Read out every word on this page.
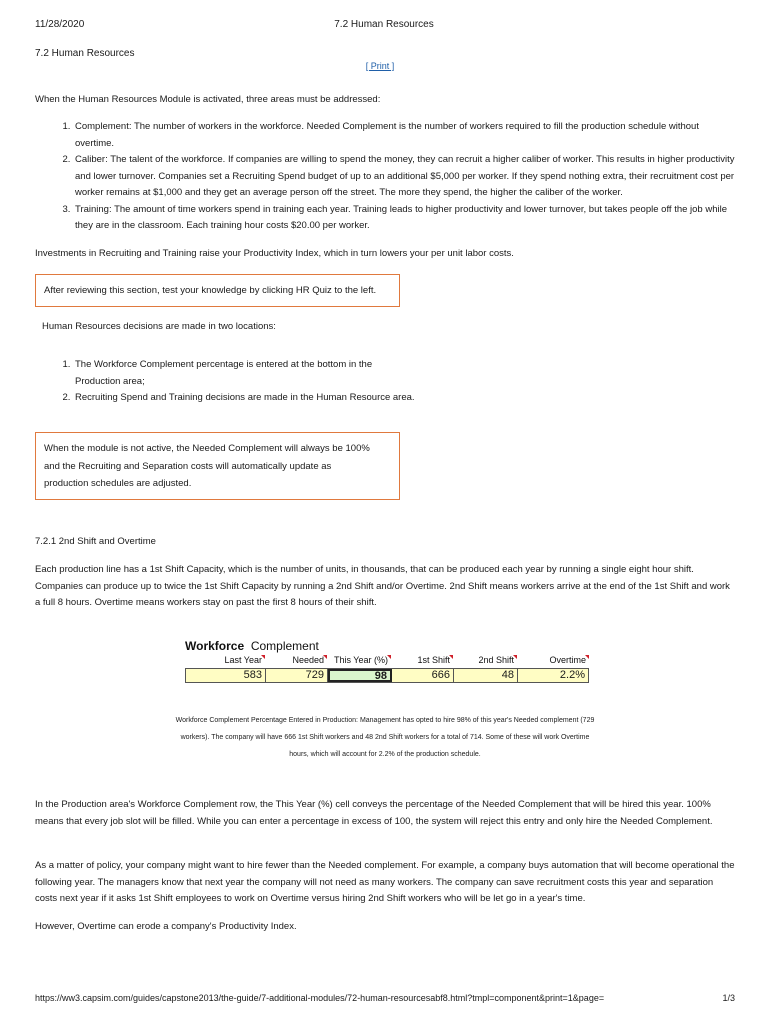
11/28/2020	7.2 Human Resources
7.2 Human Resources
[ Print ]
When the Human Resources Module is activated, three areas must be addressed:
1. Complement: The number of workers in the workforce. Needed Complement is the number of workers required to fill the production schedule without overtime.
2. Caliber: The talent of the workforce. If companies are willing to spend the money, they can recruit a higher caliber of worker. This results in higher productivity and lower turnover. Companies set a Recruiting Spend budget of up to an additional $5,000 per worker. If they spend nothing extra, their recruitment cost per worker remains at $1,000 and they get an average person off the street. The more they spend, the higher the caliber of the worker.
3. Training: The amount of time workers spend in training each year. Training leads to higher productivity and lower turnover, but takes people off the job while they are in the classroom. Each training hour costs $20.00 per worker.
Investments in Recruiting and Training raise your Productivity Index, which in turn lowers your per unit labor costs.
After reviewing this section, test your knowledge by clicking HR Quiz to the left.
Human Resources decisions are made in two locations:
1. The Workforce Complement percentage is entered at the bottom in the Production area;
2. Recruiting Spend and Training decisions are made in the Human Resource area.
When the module is not active, the Needed Complement will always be 100% and the Recruiting and Separation costs will automatically update as production schedules are adjusted.
7.2.1 2nd Shift and Overtime
Each production line has a 1st Shift Capacity, which is the number of units, in thousands, that can be produced each year by running a single eight hour shift. Companies can produce up to twice the 1st Shift Capacity by running a 2nd Shift and/or Overtime. 2nd Shift means workers arrive at the end of the 1st Shift and work a full 8 hours. Overtime means workers stay on past the first 8 hours of their shift.
Workforce Complement
Last Year	Needed	This Year (%)	1st Shift	2nd Shift	Overtime
583	729	98	666	48	2.2%
Workforce Complement Percentage Entered in Production: Management has opted to hire 98% of this year's Needed complement (729 workers). The company will have 666 1st Shift workers and 48 2nd Shift workers for a total of 714. Some of these will work Overtime hours, which will account for 2.2% of the production schedule.
In the Production area's Workforce Complement row, the This Year (%) cell conveys the percentage of the Needed Complement that will be hired this year. 100% means that every job slot will be filled. While you can enter a percentage in excess of 100, the system will reject this entry and only hire the Needed Complement.
As a matter of policy, your company might want to hire fewer than the Needed complement. For example, a company buys automation that will become operational the following year. The managers know that next year the company will not need as many workers. The company can save recruitment costs this year and separation costs next year if it asks 1st Shift employees to work on Overtime versus hiring 2nd Shift workers who will be let go in a year's time.
However, Overtime can erode a company's Productivity Index.
https://ww3.capsim.com/guides/capstone2013/the-guide/7-additional-modules/72-human-resourcesabf8.html?tmpl=component&print=1&page=	1/3
